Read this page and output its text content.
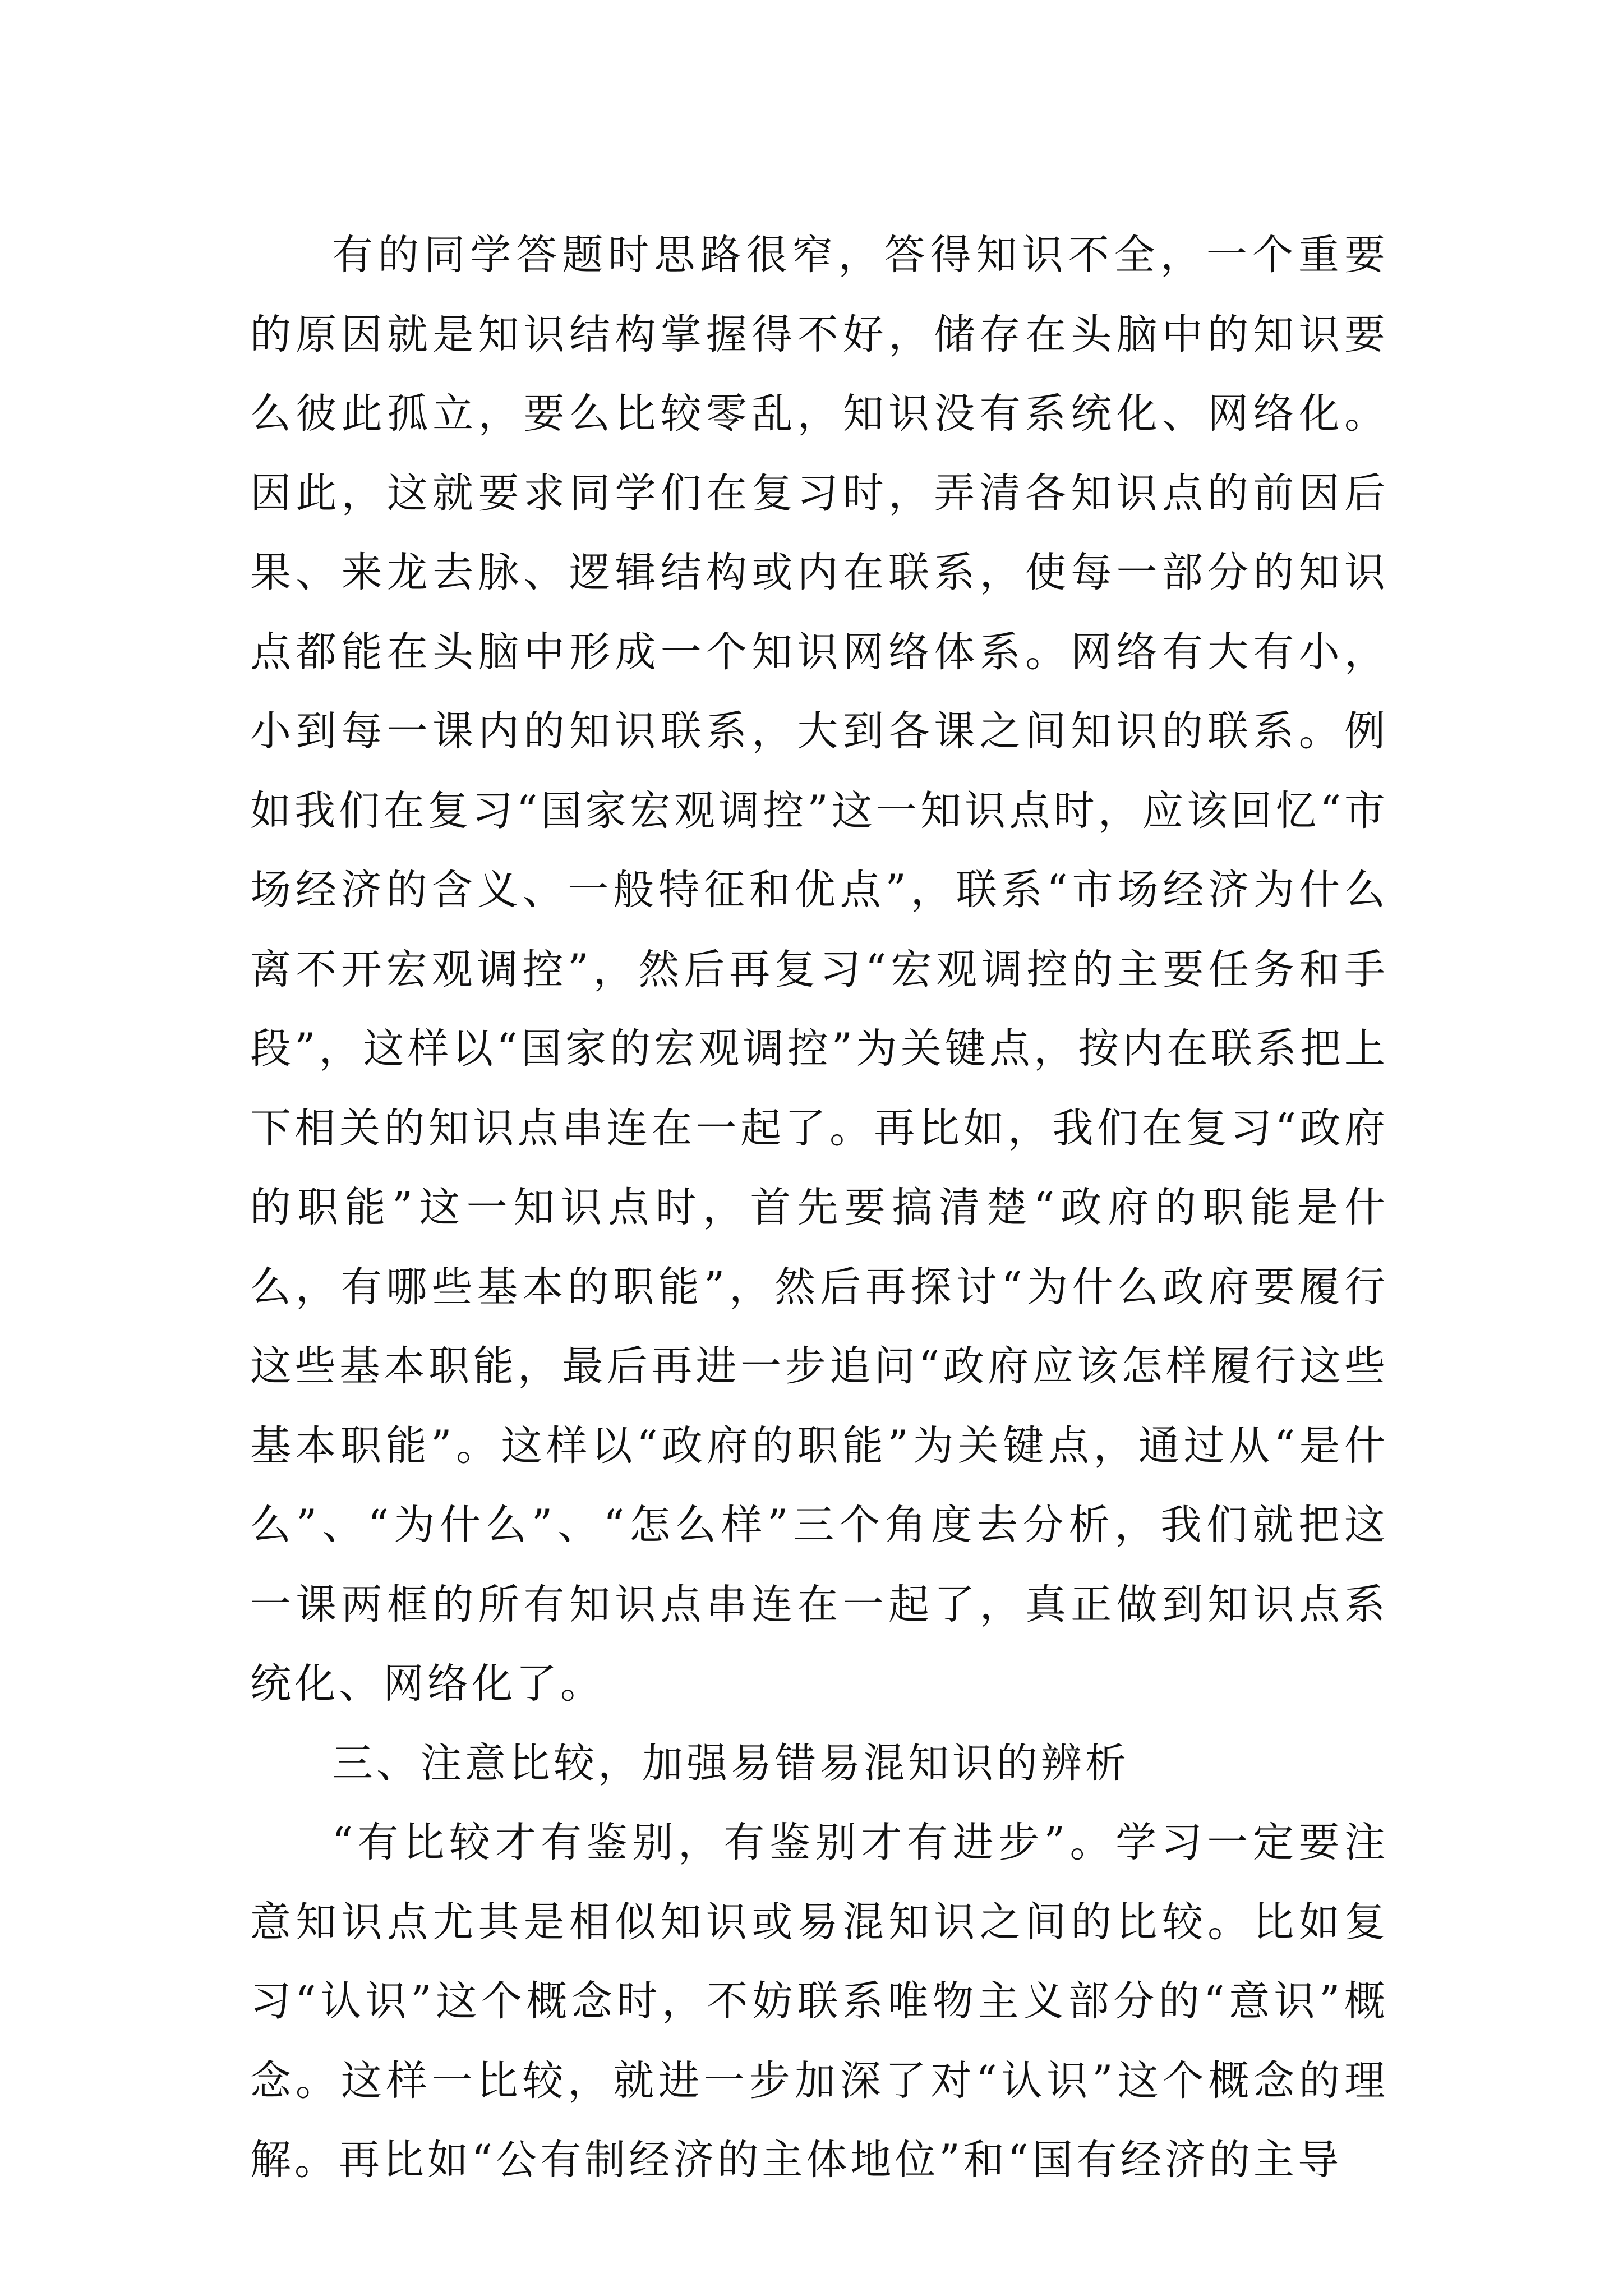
有的同学答题时思路很窄，答得知识不全，一个重要的原因就是知识结构掌握得不好，储存在头脑中的知识要么彼此孤立，要么比较零乱，知识没有系统化、网络化。因此，这就要求同学们在复习时，弄清各知识点的前因后果、来龙去脉、逻辑结构或内在联系，使每一部分的知识点都能在头脑中形成一个知识网络体系。网络有大有小，小到每一课内的知识联系，大到各课之间知识的联系。例如我们在复习“国家宏观调控”这一知识点时，应该回忆“市场经济的含义、一般特征和优点”，联系“市场经济为什么离不开宏观调控”，然后再复习“宏观调控的主要任务和手段”，这样以“国家的宏观调控”为关键点，按内在联系把上下相关的知识点串连在一起了。再比如，我们在复习“政府的职能”这一知识点时，首先要搞清楚“政府的职能是什么，有哪些基本的职能”，然后再探讨“为什么政府要履行这些基本职能，最后再进一步追问“政府应该怎样履行这些基本职能”。这样以“政府的职能”为关键点，通过从“是什么”、“为什么”、“怎么样”三个角度去分析，我们就把这一课两框的所有知识点串连在一起了，真正做到知识点系统化、网络化了。

三、注意比较，加强易错易混知识的辨析

“有比较才有鉴别，有鉴别才有进步”。学习一定要注意知识点尤其是相似知识或易混知识之间的比较。比如复习“认识”这个概念时，不妨联系唯物主义部分的“意识”概念。这样一比较，就进一步加深了对“认识”这个概念的理解。再比如“公有制经济的主体地位”和“国有经济的主导
